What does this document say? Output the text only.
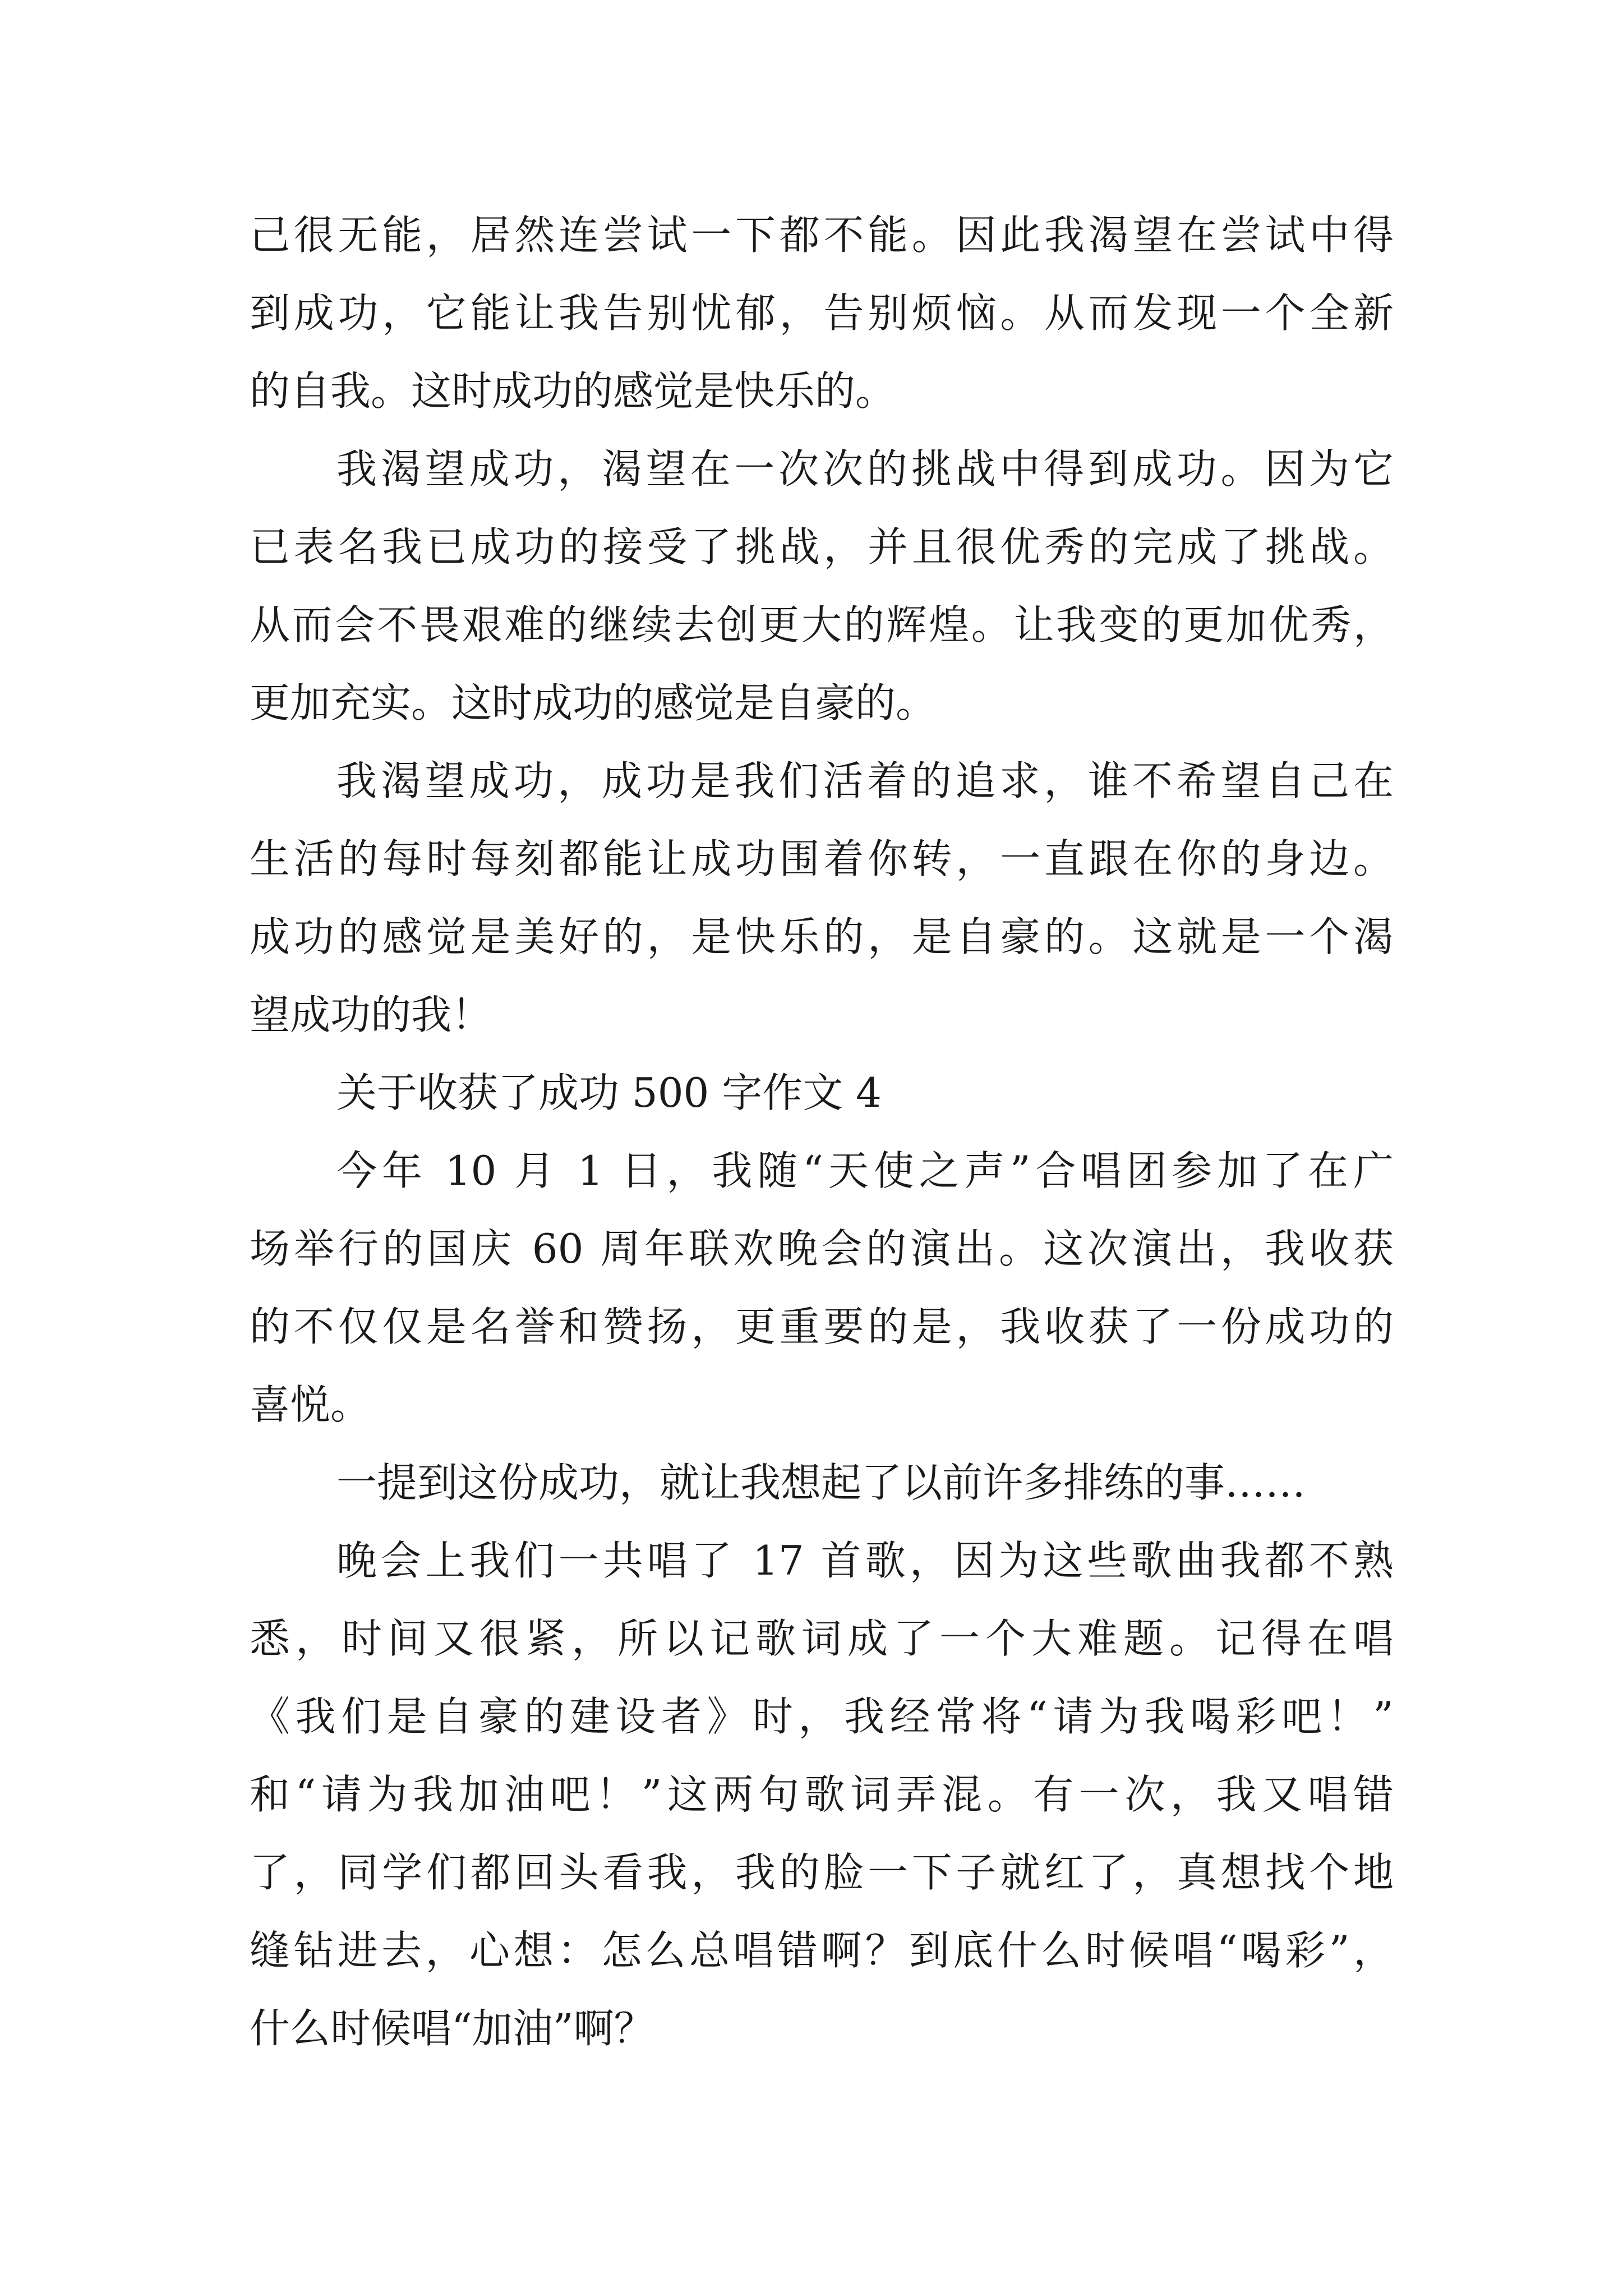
己很无能，居然连尝试一下都不能。因此我渴望在尝试中得
到成功，它能让我告别忧郁，告别烦恼。从而发现一个全新
的自我。这时成功的感觉是快乐的。
我渴望成功，渴望在一次次的挑战中得到成功。因为它
已表名我已成功的接受了挑战，并且很优秀的完成了挑战。
从而会不畏艰难的继续去创更大的辉煌。让我变的更加优秀，
更加充实。这时成功的感觉是自豪的。
我渴望成功，成功是我们活着的追求，谁不希望自己在
生活的每时每刻都能让成功围着你转，一直跟在你的身边。
成功的感觉是美好的，是快乐的，是自豪的。这就是一个渴
望成功的我！
关于收获了成功 500 字作文 4
今年 10 月 1 日，我随“天使之声”合唱团参加了在广
场举行的国庆 60 周年联欢晚会的演出。这次演出，我收获
的不仅仅是名誉和赞扬，更重要的是，我收获了一份成功的
喜悦。
一提到这份成功，就让我想起了以前许多排练的事……
晚会上我们一共唱了 17 首歌，因为这些歌曲我都不熟
悉，时间又很紧，所以记歌词成了一个大难题。记得在唱
《我们是自豪的建设者》时，我经常将“请为我喝彩吧！”
和“请为我加油吧！”这两句歌词弄混。有一次，我又唱错
了，同学们都回头看我，我的脸一下子就红了，真想找个地
缝钻进去，心想：怎么总唱错啊？到底什么时候唱“喝彩”，
什么时候唱“加油”啊？
